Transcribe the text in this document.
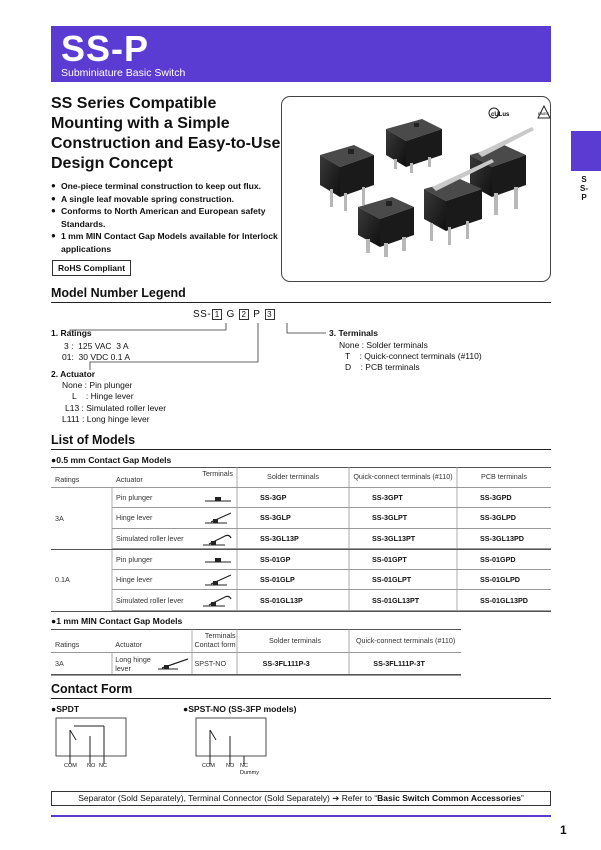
SS-P
Subminiature Basic Switch
SS-P
SS Series Compatible Mounting with a Simple Construction and Easy-to-Use Design Concept
● One-piece terminal construction to keep out flux.
● A single leaf movable spring construction.
● Conforms to North American and European safety Standards.
● 1 mm MIN Contact Gap Models available for Interlock applications
RoHS Compliant
cULus	ENEC
Model Number Legend
SS- 1 G 2 P 3
1. Ratings
3 :  125 VAC  3 A
01:  30 VDC 0.1 A
2. Actuator
None : Pin plunger
L    : Hinge lever
L13 : Simulated roller lever
L111 : Long hinge lever
3. Terminals
None : Solder terminals
T    : Quick-connect terminals (#110)
D    : PCB terminals
List of Models
●0.5 mm Contact Gap Models
Ratings	Actuator
Terminals	Solder terminals	Quick-connect terminals (#110)	PCB terminals
3A	Pin plunger	SS-3GP	SS-3GPT	SS-3GPD
	Hinge lever	SS-3GLP	SS-3GLPT	SS-3GLPD
	Simulated roller lever	SS-3GL13P	SS-3GL13PT	SS-3GL13PD
0.1A	Pin plunger	SS-01GP	SS-01GPT	SS-01GPD
	Hinge lever	SS-01GLP	SS-01GLPT	SS-01GLPD
	Simulated roller lever	SS-01GL13P	SS-01GL13PT	SS-01GL13PD
●1 mm MIN Contact Gap Models
Ratings	Actuator	Terminals
Contact form	Solder terminals	Quick-connect terminals (#110)
3A	Long hinge lever	SPST-NO	SS-3FL111P-3	SS-3FL111P-3T
Contact Form
●SPDT	●SPST-NO (SS-3FP models)
COM NO NC	COM NO NC
Dummy
Separator (Sold Separately), Terminal Connector (Sold Separately) ➔ Refer to “Basic Switch Common Accessories”
1
